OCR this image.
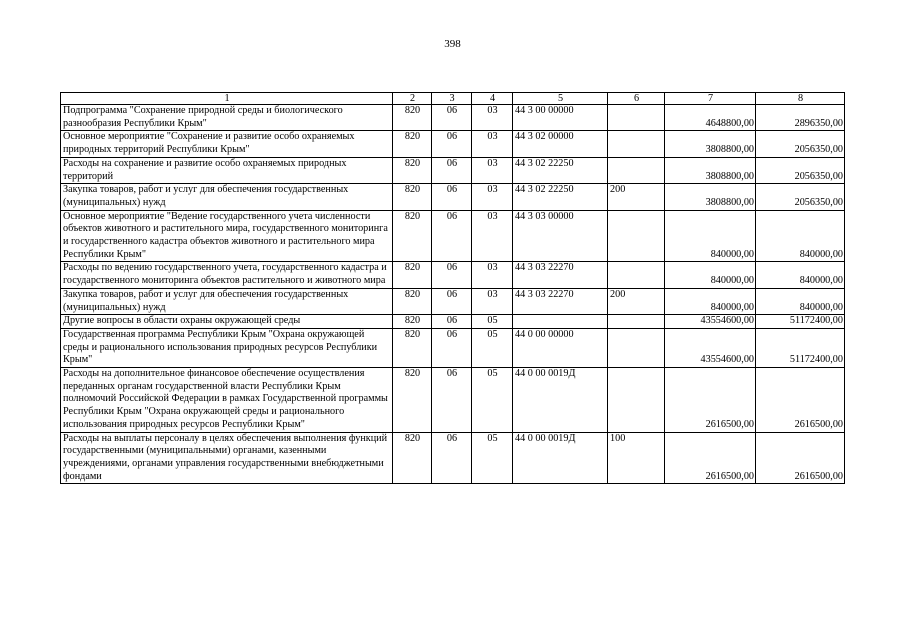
398
1	2	3	4	5	6	7	8
Подпрограмма "Сохранение природной среды и биологического разнообразия Республики Крым"	820	06	03	44 3 00 00000		4648800,00	2896350,00
Основное мероприятие "Сохранение и развитие особо охраняемых природных территорий Республики Крым"	820	06	03	44 3 02 00000		3808800,00	2056350,00
Расходы на сохранение и развитие особо охраняемых природных территорий	820	06	03	44 3 02 22250		3808800,00	2056350,00
Закупка товаров, работ и услуг для обеспечения государственных (муниципальных) нужд	820	06	03	44 3 02 22250	200	3808800,00	2056350,00
Основное мероприятие "Ведение государственного учета численности объектов животного и растительного мира, государственного мониторинга и государственного кадастра объектов животного и растительного мира Республики Крым"	820	06	03	44 3 03 00000		840000,00	840000,00
Расходы по ведению государственного учета, государственного кадастра и государственного мониторинга объектов растительного и животного мира	820	06	03	44 3 03 22270		840000,00	840000,00
Закупка товаров, работ и услуг для обеспечения государственных (муниципальных) нужд	820	06	03	44 3 03 22270	200	840000,00	840000,00
Другие вопросы в области охраны окружающей среды	820	06	05			43554600,00	51172400,00
Государственная программа Республики Крым "Охрана окружающей среды и рационального использования природных ресурсов Республики Крым"	820	06	05	44 0 00 00000		43554600,00	51172400,00
Расходы на дополнительное финансовое обеспечение осуществления переданных органам государственной власти Республики Крым полномочий Российской Федерации в рамках Государственной программы Республики Крым "Охрана окружающей среды и рационального использования природных ресурсов Республики Крым"	820	06	05	44 0 00 0019Д		2616500,00	2616500,00
Расходы на выплаты персоналу в целях обеспечения выполнения функций государственными (муниципальными) органами, казенными учреждениями, органами управления государственными внебюджетными фондами	820	06	05	44 0 00 0019Д	100	2616500,00	2616500,00
